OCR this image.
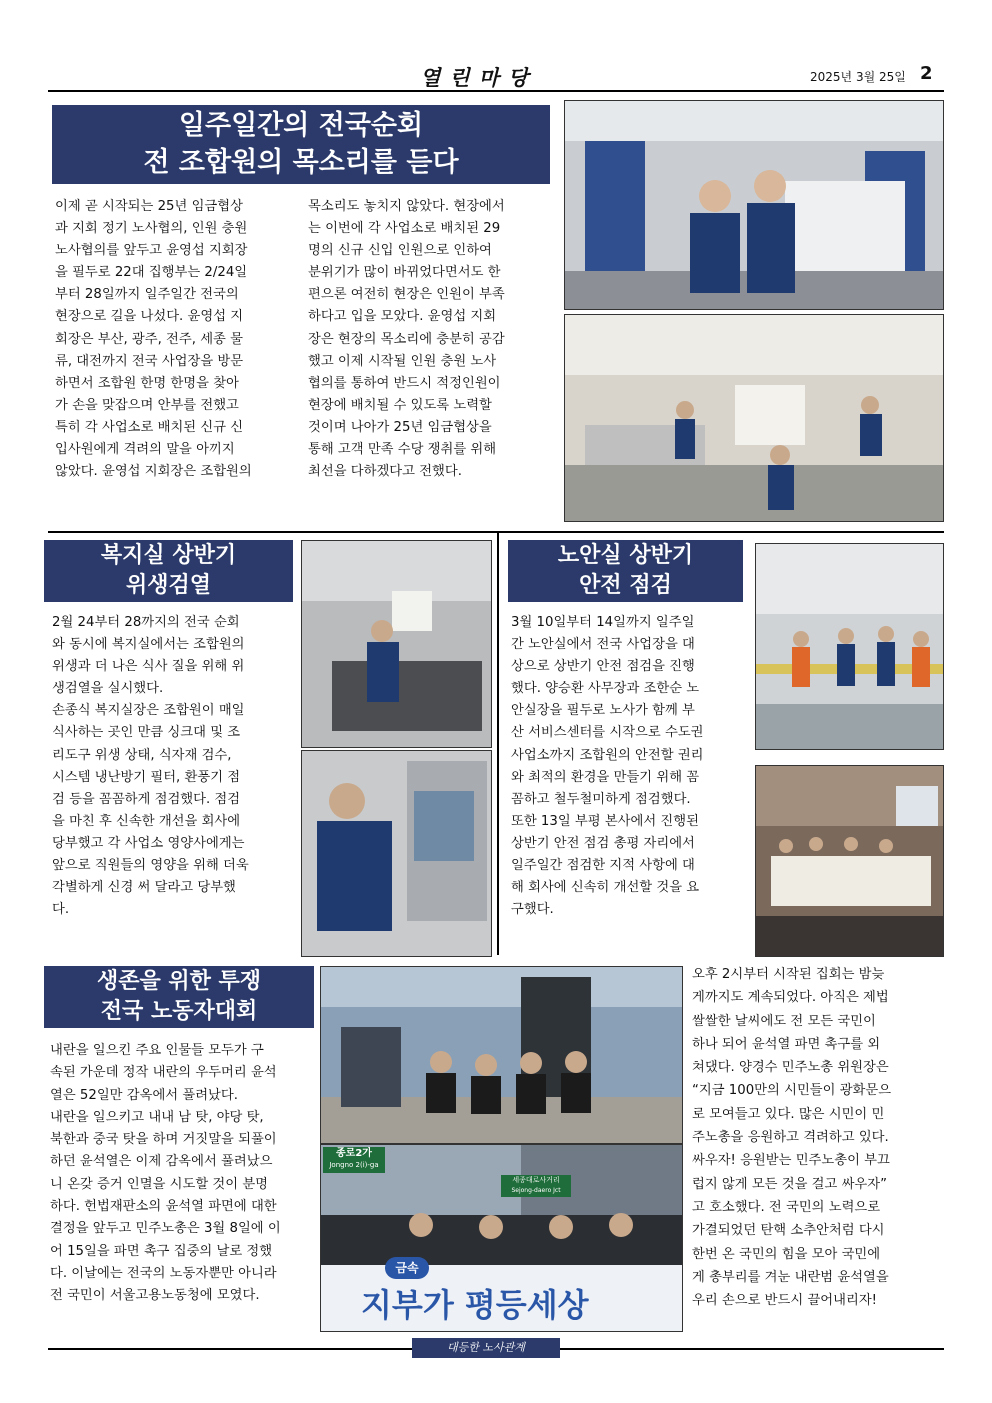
열린마당	2025년 3월 25일 2
일주일간의 전국순회
전 조합원의 목소리를 듣다
이제 곧 시작되는 25년 임금협상
과 지회 정기 노사협의, 인원 충원
노사협의를 앞두고 윤영섭 지회장
을 필두로 22대 집행부는 2/24일
부터 28일까지 일주일간 전국의
현장으로 길을 나섰다. 윤영섭 지
회장은 부산, 광주, 전주, 세종 물
류, 대전까지 전국 사업장을 방문
하면서 조합원 한명 한명을 찾아
가 손을 맞잡으며 안부를 전했고
특히 각 사업소로 배치된 신규 신
입사원에게 격려의 말을 아끼지
않았다. 윤영섭 지회장은 조합원의
목소리도 놓치지 않았다. 현장에서
는 이번에 각 사업소로 배치된 29
명의 신규 신입 인원으로 인하여
분위기가 많이 바뀌었다면서도 한
편으론 여전히 현장은 인원이 부족
하다고 입을 모았다. 윤영섭 지회
장은 현장의 목소리에 충분히 공감
했고 이제 시작될 인원 충원 노사
협의를 통하여 반드시 적정인원이
현장에 배치될 수 있도록 노력할
것이며 나아가 25년 임금협상을
통해 고객 만족 수당 쟁취를 위해
최선을 다하겠다고 전했다.
복지실 상반기
위생검열
2월 24부터 28까지의 전국 순회
와 동시에 복지실에서는 조합원의
위생과 더 나은 식사 질을 위해 위
생검열을 실시했다.
손종식 복지실장은 조합원이 매일
식사하는 곳인 만큼 싱크대 및 조
리도구 위생 상태, 식자재 검수,
시스템 냉난방기 필터, 환풍기 점
검 등을 꼼꼼하게 점검했다. 점검
을 마친 후 신속한 개선을 회사에
당부했고 각 사업소 영양사에게는
앞으로 직원들의 영양을 위해 더욱
각별하게 신경 써 달라고 당부했
다.
노안실 상반기
안전 점검
3월 10일부터 14일까지 일주일
간 노안실에서 전국 사업장을 대
상으로 상반기 안전 점검을 진행
했다. 양승환 사무장과 조한순 노
안실장을 필두로 노사가 함께 부
산 서비스센터를 시작으로 수도권
사업소까지 조합원의 안전할 권리
와 최적의 환경을 만들기 위해 꼼
꼼하고 철두철미하게 점검했다.
또한 13일 부평 본사에서 진행된
상반기 안전 점검 총평 자리에서
일주일간 점검한 지적 사항에 대
해 회사에 신속히 개선할 것을 요
구했다.
생존을 위한 투쟁
전국 노동자대회
내란을 일으킨 주요 인물들 모두가 구
속된 가운데 정작 내란의 우두머리 윤석
열은 52일만 감옥에서 풀려났다.
내란을 일으키고 내내 남 탓, 야당 탓,
북한과 중국 탓을 하며 거짓말을 되풀이
하던 윤석열은 이제 감옥에서 풀려났으
니 온갖 증거 인멸을 시도할 것이 분명
하다. 헌법재판소의 윤석열 파면에 대한
결정을 앞두고 민주노총은 3월 8일에 이
어 15일을 파면 촉구 집중의 날로 정했
다. 이날에는 전국의 노동자뿐만 아니라
전 국민이 서울고용노동청에 모였다.
종로2가
Jongno 2(i)-ga
세종대로사거리
Sejong-daero Jct
금속
지부가 평등세상
오후 2시부터 시작된 집회는 밤늦
게까지도 계속되었다. 아직은 제법
쌀쌀한 날씨에도 전 모든 국민이
하나 되어 윤석열 파면 촉구를 외
쳐댔다. 양경수 민주노총 위원장은
“지금 100만의 시민들이 광화문으
로 모여들고 있다. 많은 시민이 민
주노총을 응원하고 격려하고 있다.
싸우자! 응원받는 민주노총이 부끄
럽지 않게 모든 것을 걸고 싸우자”
고 호소했다. 전 국민의 노력으로
가결되었던 탄핵 소추안처럼 다시
한번 온 국민의 힘을 모아 국민에
게 총부리를 겨눈 내란범 윤석열을
우리 손으로 반드시 끌어내리자!
대등한 노사관계
